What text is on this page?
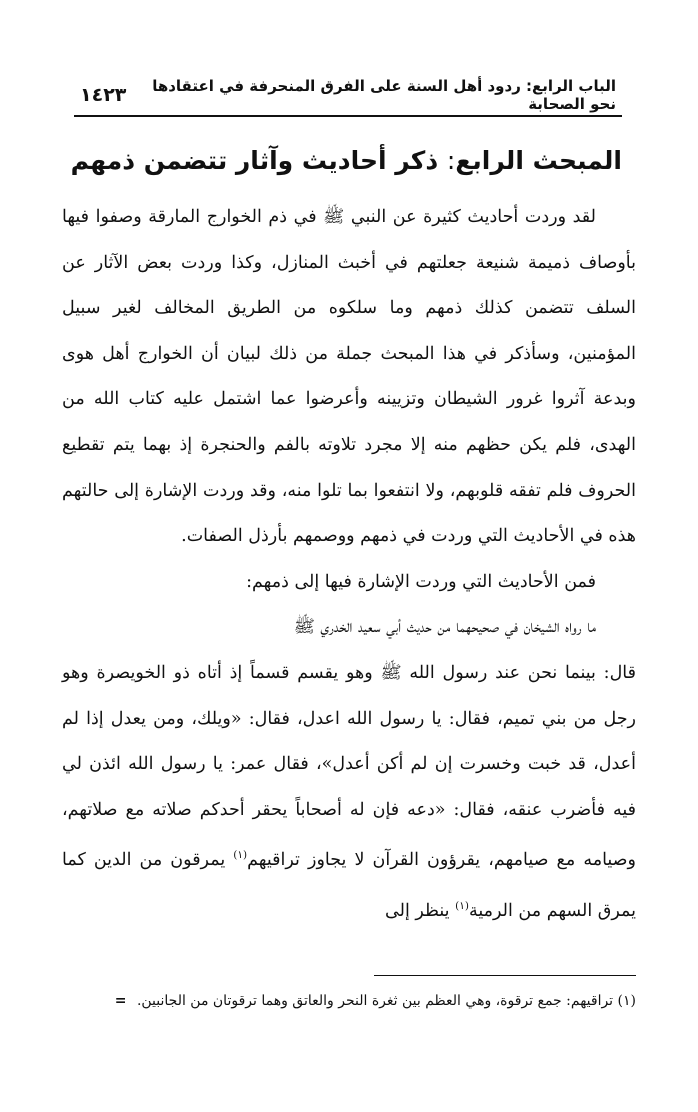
الباب الرابع: ردود أهل السنة على الفرق المنحرفة في اعتقادها نحو الصحابة
١٤٢٣
المبحث الرابع: ذكر أحاديث وآثار تتضمن ذمهم

لقد وردت أحاديث كثيرة عن النبي ﷺ في ذم الخوارج المارقة وصفوا فيها بأوصاف ذميمة شنيعة جعلتهم في أخبث المنازل، وكذا وردت بعض الآثار عن السلف تتضمن كذلك ذمهم وما سلكوه من الطريق المخالف لغير سبيل المؤمنين، وسأذكر في هذا المبحث جملة من ذلك لبيان أن الخوارج أهل هوى وبدعة آثروا غرور الشيطان وتزيينه وأعرضوا عما اشتمل عليه كتاب الله من الهدى، فلم يكن حظهم منه إلا مجرد تلاوته بالفم والحنجرة إذ بهما يتم تقطيع الحروف فلم تفقه قلوبهم، ولا انتفعوا بما تلوا منه، وقد وردت الإشارة إلى حالتهم هذه في الأحاديث التي وردت في ذمهم ووصمهم بأرذل الصفات.

فمن الأحاديث التي وردت الإشارة فيها إلى ذمهم:

ما رواه الشيخان في صحيحهما من حديث أبي سعيد الخدري ﷺ

قال: بينما نحن عند رسول الله ﷺ وهو يقسم قسماً إذ أتاه ذو الخويصرة وهو رجل من بني تميم، فقال: يا رسول الله اعدل، فقال: «ويلك، ومن يعدل إذا لم أعدل، قد خبت وخسرت إن لم أكن أعدل»، فقال عمر: يا رسول الله ائذن لي فيه فأضرب عنقه، فقال: «دعه فإن له أصحاباً يحقر أحدكم صلاته مع صلاتهم، وصيامه مع صيامهم، يقرؤون القرآن لا يجاوز تراقيهم$^{(١)}$ يمرقون من الدين كما يمرق السهم من الرمية$^{(١)}$ ينظر إلى

(١) تراقيهم: جمع ترقوة، وهي العظم بين ثغرة النحر والعاتق وهما ترقوتان من الجانبين. =
